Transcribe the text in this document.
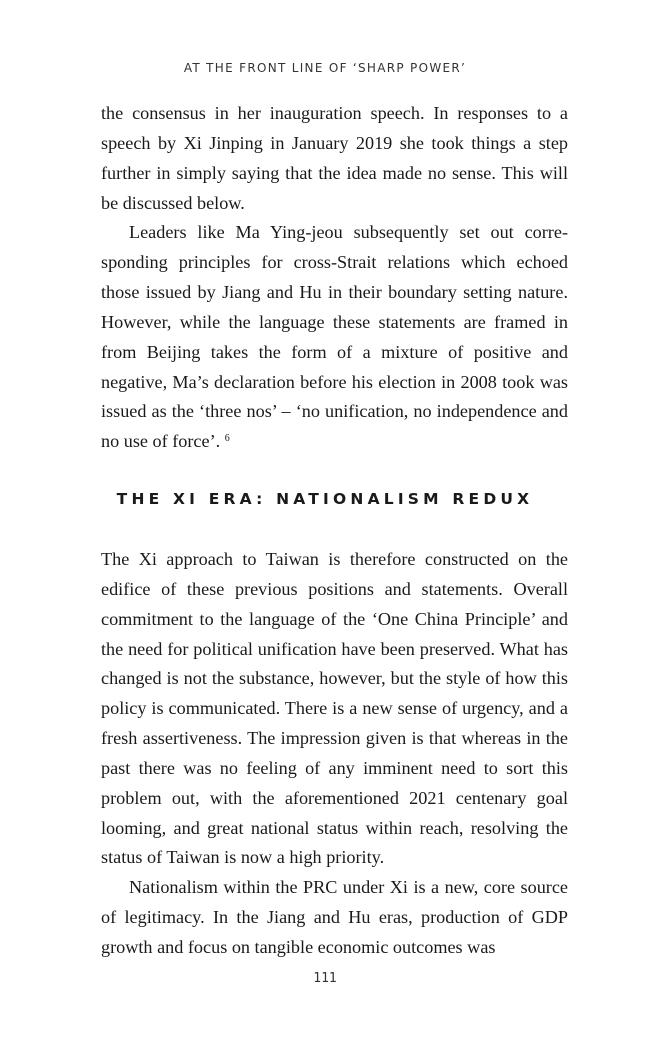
AT THE FRONT LINE OF ‘SHARP POWER’

the consensus in her inauguration speech. In responses to a speech by Xi Jinping in January 2019 she took things a step further in simply saying that the idea made no sense. This will be discussed below.

Leaders like Ma Ying-jeou subsequently set out corresponding principles for cross-Strait relations which echoed those issued by Jiang and Hu in their boundary setting nature. However, while the language these statements are framed in from Beijing takes the form of a mixture of positive and negative, Ma’s declaration before his election in 2008 took was issued as the ‘three nos’ – ‘no unification, no independence and no use of force’. $^6$

THE XI ERA: NATIONALISM REDUX

The Xi approach to Taiwan is therefore constructed on the edifice of these previous positions and statements. Overall commitment to the language of the ‘One China Principle’ and the need for political unification have been preserved. What has changed is not the substance, however, but the style of how this policy is communicated. There is a new sense of urgency, and a fresh assertiveness. The impression given is that whereas in the past there was no feeling of any imminent need to sort this problem out, with the aforementioned 2021 centenary goal looming, and great national status within reach, resolving the status of Taiwan is now a high priority.

Nationalism within the PRC under Xi is a new, core source of legitimacy. In the Jiang and Hu eras, production of GDP growth and focus on tangible economic outcomes was

111
